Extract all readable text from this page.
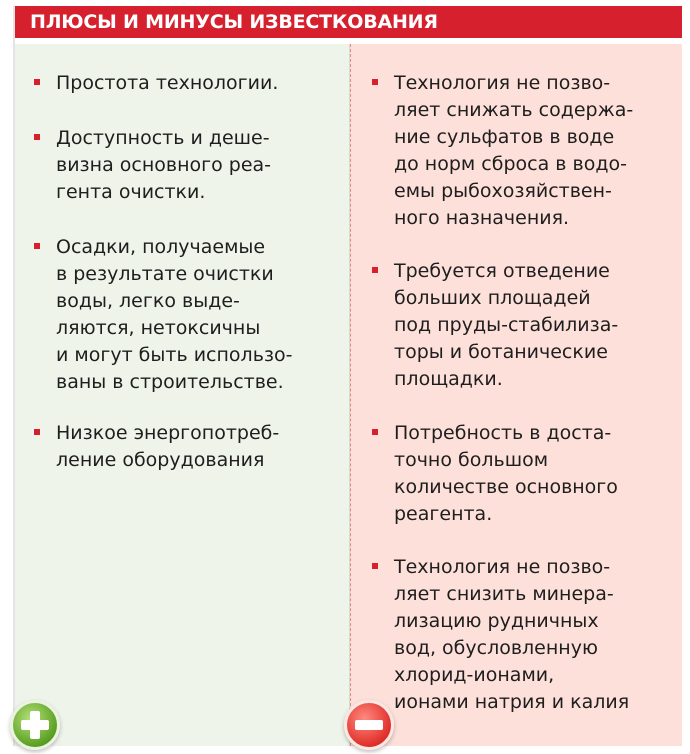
ПЛЮСЫ И МИНУСЫ ИЗВЕСТКОВАНИЯ
Простота технологии.
Доступность и деше-
визна основного реа-
гента очистки.
Осадки, получаемые
в результате очистки
воды, легко выде-
ляются, нетоксичны
и могут быть использо-
ваны в строительстве.
Низкое энергопотреб-
ление оборудования
Технология не позво-
ляет снижать содержа-
ние сульфатов в воде
до норм сброса в водо-
емы рыбохозяйствен-
ного назначения.
Требуется отведение
больших площадей
под пруды-стабилиза-
торы и ботанические
площадки.
Потребность в доста-
точно большом
количестве основного
реагента.
Технология не позво-
ляет снизить минера-
лизацию рудничных
вод, обусловленную
хлорид-ионами,
ионами натрия и калия
